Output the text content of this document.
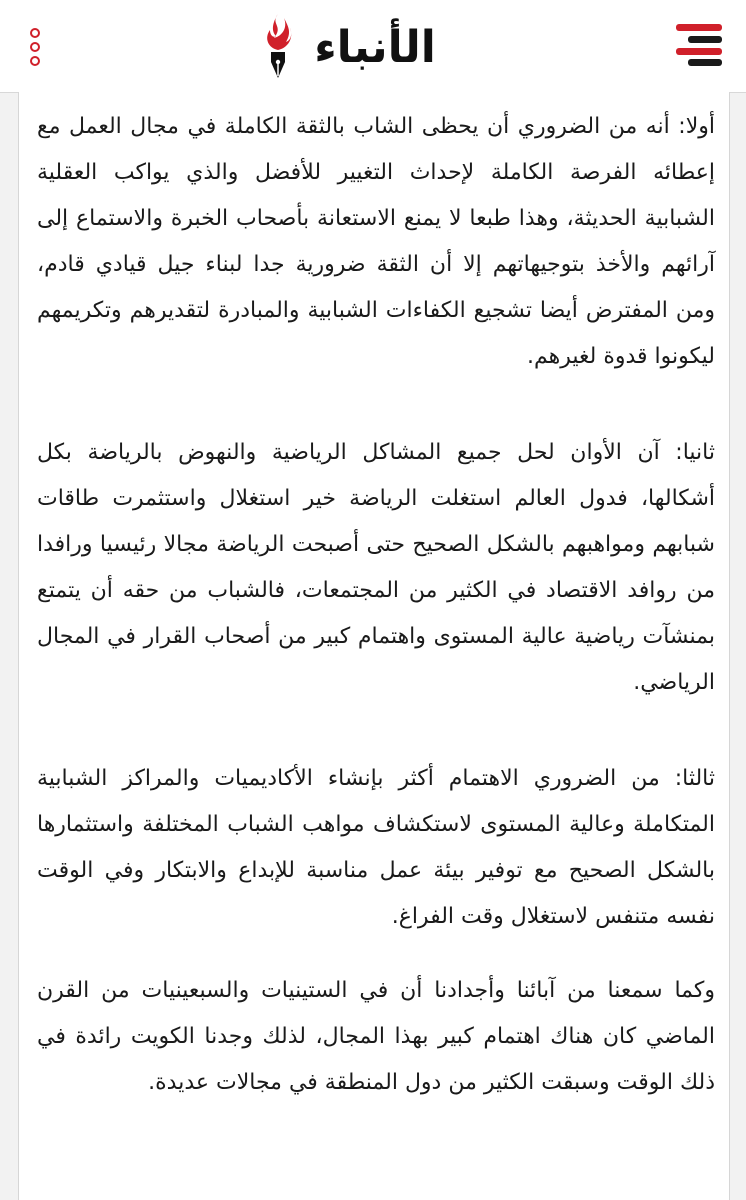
الأنباء

أولا: أنه من الضروري أن يحظى الشاب بالثقة الكاملة في مجال العمل مع إعطائه الفرصة الكاملة لإحداث التغيير للأفضل والذي يواكب العقلية الشبابية الحديثة، وهذا طبعا لا يمنع الاستعانة بأصحاب الخبرة والاستماع إلى آرائهم والأخذ بتوجيهاتهم إلا أن الثقة ضرورية جدا لبناء جيل قيادي قادم، ومن المفترض أيضا تشجيع الكفاءات الشبابية والمبادرة لتقديرهم وتكريمهم ليكونوا قدوة لغيرهم.

ثانيا: آن الأوان لحل جميع المشاكل الرياضية والنهوض بالرياضة بكل أشكالها، فدول العالم استغلت الرياضة خير استغلال واستثمرت طاقات شبابهم ومواهبهم بالشكل الصحيح حتى أصبحت الرياضة مجالا رئيسيا ورافدا من روافد الاقتصاد في الكثير من المجتمعات، فالشباب من حقه أن يتمتع بمنشآت رياضية عالية المستوى واهتمام كبير من أصحاب القرار في المجال الرياضي.

ثالثا: من الضروري الاهتمام أكثر بإنشاء الأكاديميات والمراكز الشبابية المتكاملة وعالية المستوى لاستكشاف مواهب الشباب المختلفة واستثمارها بالشكل الصحيح مع توفير بيئة عمل مناسبة للإبداع والابتكار وفي الوقت نفسه متنفس لاستغلال وقت الفراغ.

وكما سمعنا من آبائنا وأجدادنا أن في الستينيات والسبعينيات من القرن الماضي كان هناك اهتمام كبير بهذا المجال، لذلك وجدنا الكويت رائدة في ذلك الوقت وسبقت الكثير من دول المنطقة في مجالات عديدة.
